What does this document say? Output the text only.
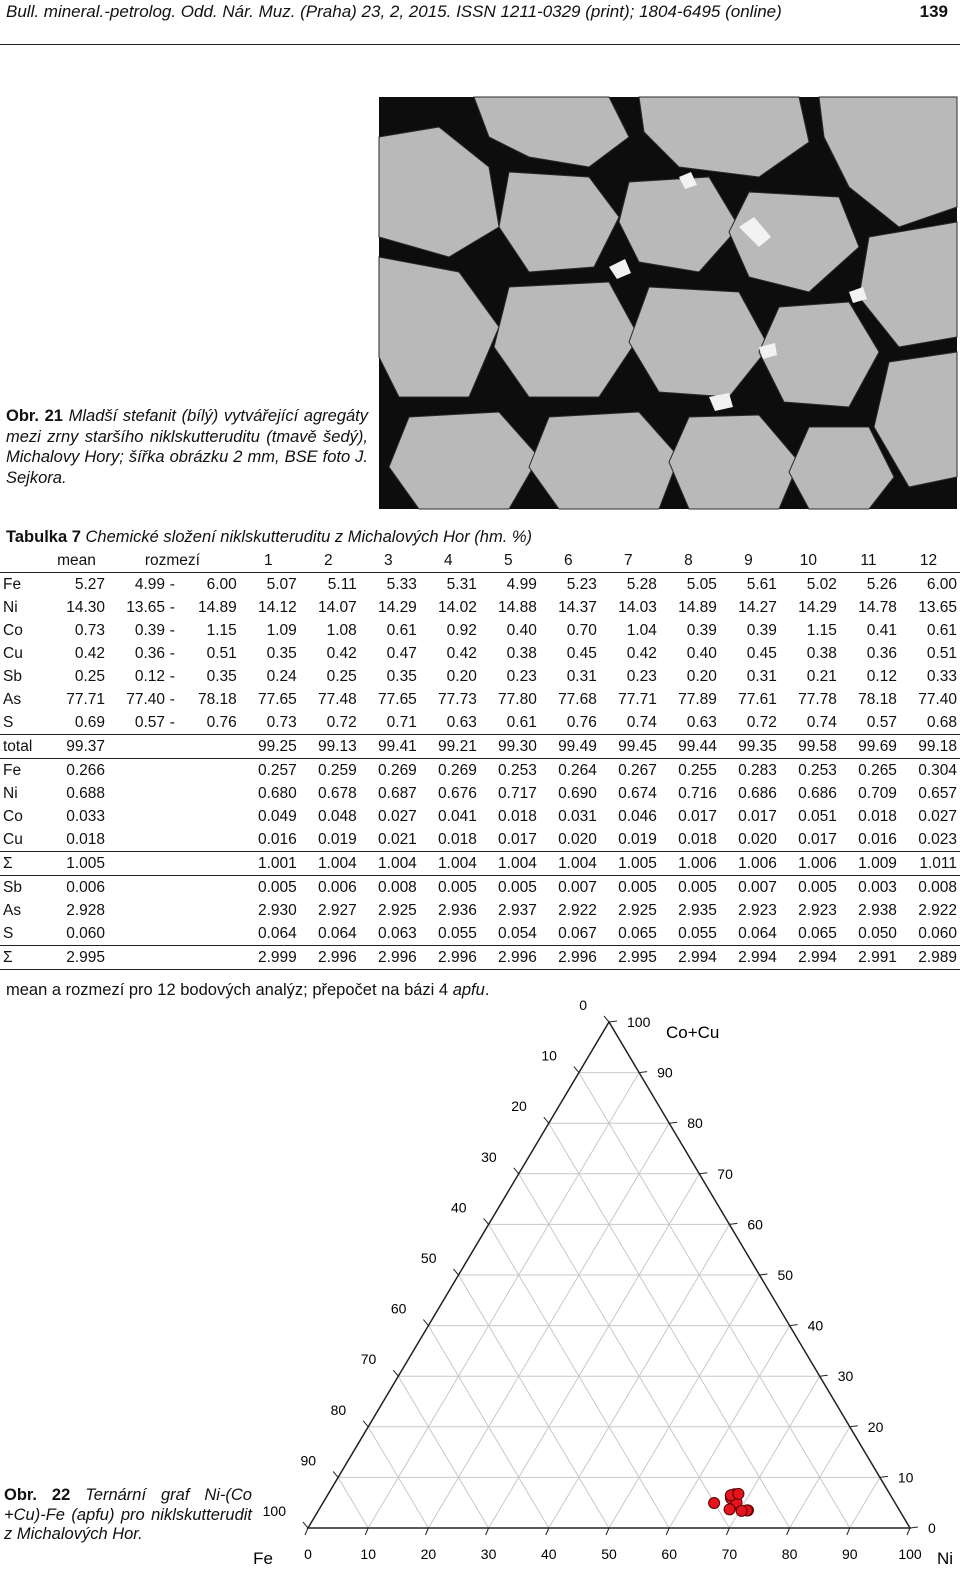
Bull. mineral.-petrolog. Odd. Nár. Muz. (Praha) 23, 2, 2015. ISSN 1211-0329 (print); 1804-6495 (online)	139
Obr. 21 Mladší stefanit (bílý) vytvářející agregáty mezi zrny staršího niklskutteruditu (tmavě šedý), Michalovy Hory; šířka obrázku 2 mm, BSE foto J. Sejkora.
Tabulka 7 Chemické složení niklskutteruditu z Michalových Hor (hm. %)
	mean	rozmezí			1	2	3	4	5	6	7	8	9	10	11	12
Fe	5.27	4.99	-	6.00	5.07	5.11	5.33	5.31	4.99	5.23	5.28	5.05	5.61	5.02	5.26	6.00
Ni	14.30	13.65	-	14.89	14.12	14.07	14.29	14.02	14.88	14.37	14.03	14.89	14.27	14.29	14.78	13.65
Co	0.73	0.39	-	1.15	1.09	1.08	0.61	0.92	0.40	0.70	1.04	0.39	0.39	1.15	0.41	0.61
Cu	0.42	0.36	-	0.51	0.35	0.42	0.47	0.42	0.38	0.45	0.42	0.40	0.45	0.38	0.36	0.51
Sb	0.25	0.12	-	0.35	0.24	0.25	0.35	0.20	0.23	0.31	0.23	0.20	0.31	0.21	0.12	0.33
As	77.71	77.40	-	78.18	77.65	77.48	77.65	77.73	77.80	77.68	77.71	77.89	77.61	77.78	78.18	77.40
S	0.69	0.57	-	0.76	0.73	0.72	0.71	0.63	0.61	0.76	0.74	0.63	0.72	0.74	0.57	0.68
total	99.37				99.25	99.13	99.41	99.21	99.30	99.49	99.45	99.44	99.35	99.58	99.69	99.18
Fe	0.266				0.257	0.259	0.269	0.269	0.253	0.264	0.267	0.255	0.283	0.253	0.265	0.304
Ni	0.688				0.680	0.678	0.687	0.676	0.717	0.690	0.674	0.716	0.686	0.686	0.709	0.657
Co	0.033				0.049	0.048	0.027	0.041	0.018	0.031	0.046	0.017	0.017	0.051	0.018	0.027
Cu	0.018				0.016	0.019	0.021	0.018	0.017	0.020	0.019	0.018	0.020	0.017	0.016	0.023
Σ	1.005				1.001	1.004	1.004	1.004	1.004	1.004	1.005	1.006	1.006	1.006	1.009	1.011
Sb	0.006				0.005	0.006	0.008	0.005	0.005	0.007	0.005	0.005	0.007	0.005	0.003	0.008
As	2.928				2.930	2.927	2.925	2.936	2.937	2.922	2.925	2.935	2.923	2.923	2.938	2.922
S	0.060				0.064	0.064	0.063	0.055	0.054	0.067	0.065	0.055	0.064	0.065	0.050	0.060
Σ	2.995				2.999	2.996	2.996	2.996	2.996	2.996	2.995	2.994	2.994	2.994	2.991	2.989
mean a rozmezí pro 12 bodových analýz; přepočet na bázi 4 apfu.
0	10	20	30	40	50	60	70	80	90	100
0
10
20
30
40
50
60
70
80
90
100
0
10
20
30
40
50
60
70
80
90
100
Co+Cu
Fe	Ni
Obr. 22 Ternární graf Ni-(Co +Cu)-Fe (apfu) pro niklskutterudit z Michalových Hor.
